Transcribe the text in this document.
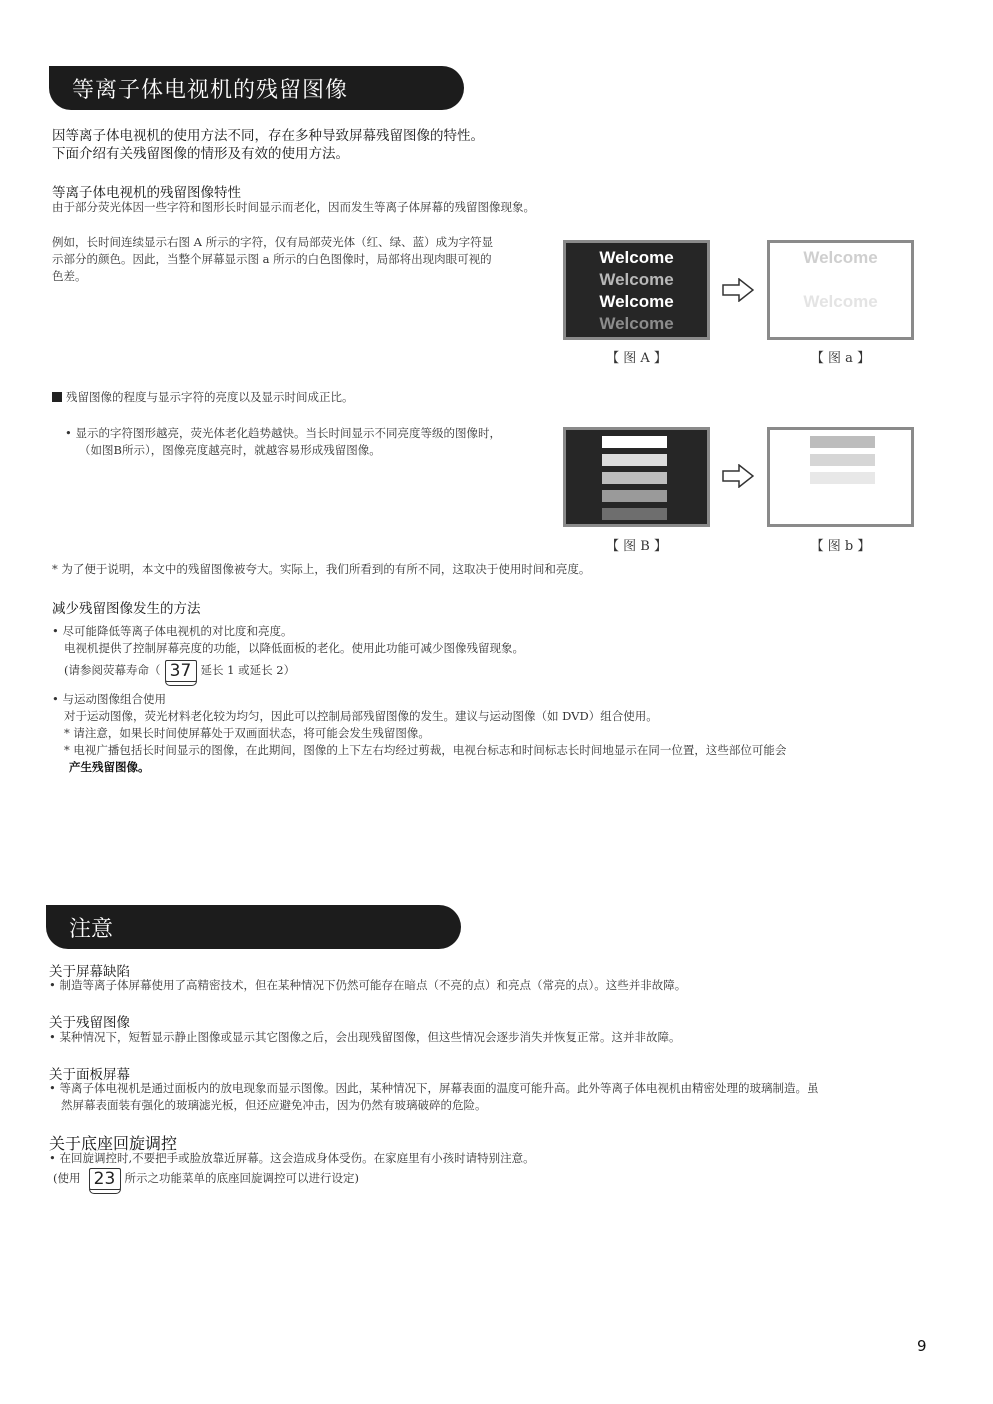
等离子体电视机的残留图像
因等离子体电视机的使用方法不同，存在多种导致屏幕残留图像的特性。
下面介绍有关残留图像的情形及有效的使用方法。
等离子体电视机的残留图像特性
由于部分荧光体因一些字符和图形长时间显示而老化，因而发生等离子体屏幕的残留图像现象。
例如，长时间连续显示右图 A 所示的字符，仅有局部荧光体（红、绿、蓝）成为字符显
示部分的颜色。因此，当整个屏幕显示图 a 所示的白色图像时，局部将出现肉眼可视的
色差。
Welcome
Welcome
Welcome
Welcome
Welcome
Welcome
【 图 A 】	【 图 a 】
残留图像的程度与显示字符的亮度以及显示时间成正比。
• 显示的字符图形越亮，荧光体老化趋势越快。当长时间显示不同亮度等级的图像时，
（如图B所示），图像亮度越亮时，就越容易形成残留图像。
【 图 B 】	【 图 b 】
* 为了便于说明，本文中的残留图像被夸大。实际上，我们所看到的有所不同，这取决于使用时间和亮度。
减少残留图像发生的方法
• 尽可能降低等离子体电视机的对比度和亮度。
电视机提供了控制屏幕亮度的功能，以降低面板的老化。使用此功能可减少图像残留现象。
(请参阅荧幕寿命（ 37 延长 1 或延长 2）
• 与运动图像组合使用
对于运动图像，荧光材料老化较为均匀，因此可以控制局部残留图像的发生。建议与运动图像（如 DVD）组合使用。
* 请注意，如果长时间使屏幕处于双画面状态，将可能会发生残留图像。
* 电视广播包括长时间显示的图像，在此期间，图像的上下左右均经过剪裁，电视台标志和时间标志长时间地显示在同一位置，这些部位可能会
产生残留图像。
注意
关于屏幕缺陷
• 制造等离子体屏幕使用了高精密技术，但在某种情况下仍然可能存在暗点（不亮的点）和亮点（常亮的点）。这些并非故障。
关于残留图像
• 某种情况下，短暂显示静止图像或显示其它图像之后，会出现残留图像，但这些情况会逐步消失并恢复正常。这并非故障。
关于面板屏幕
• 等离子体电视机是通过面板内的放电现象而显示图像。因此，某种情况下，屏幕表面的温度可能升高。此外等离子体电视机由精密处理的玻璃制造。虽
然屏幕表面装有强化的玻璃滤光板，但还应避免冲击，因为仍然有玻璃破碎的危险。
关于底座回旋调控
• 在回旋调控时,不要把手或脸放靠近屏幕。这会造成身体受伤。在家庭里有小孩时请特别注意。
(使用 23 所示之功能菜单的底座回旋调控可以进行设定)
9
